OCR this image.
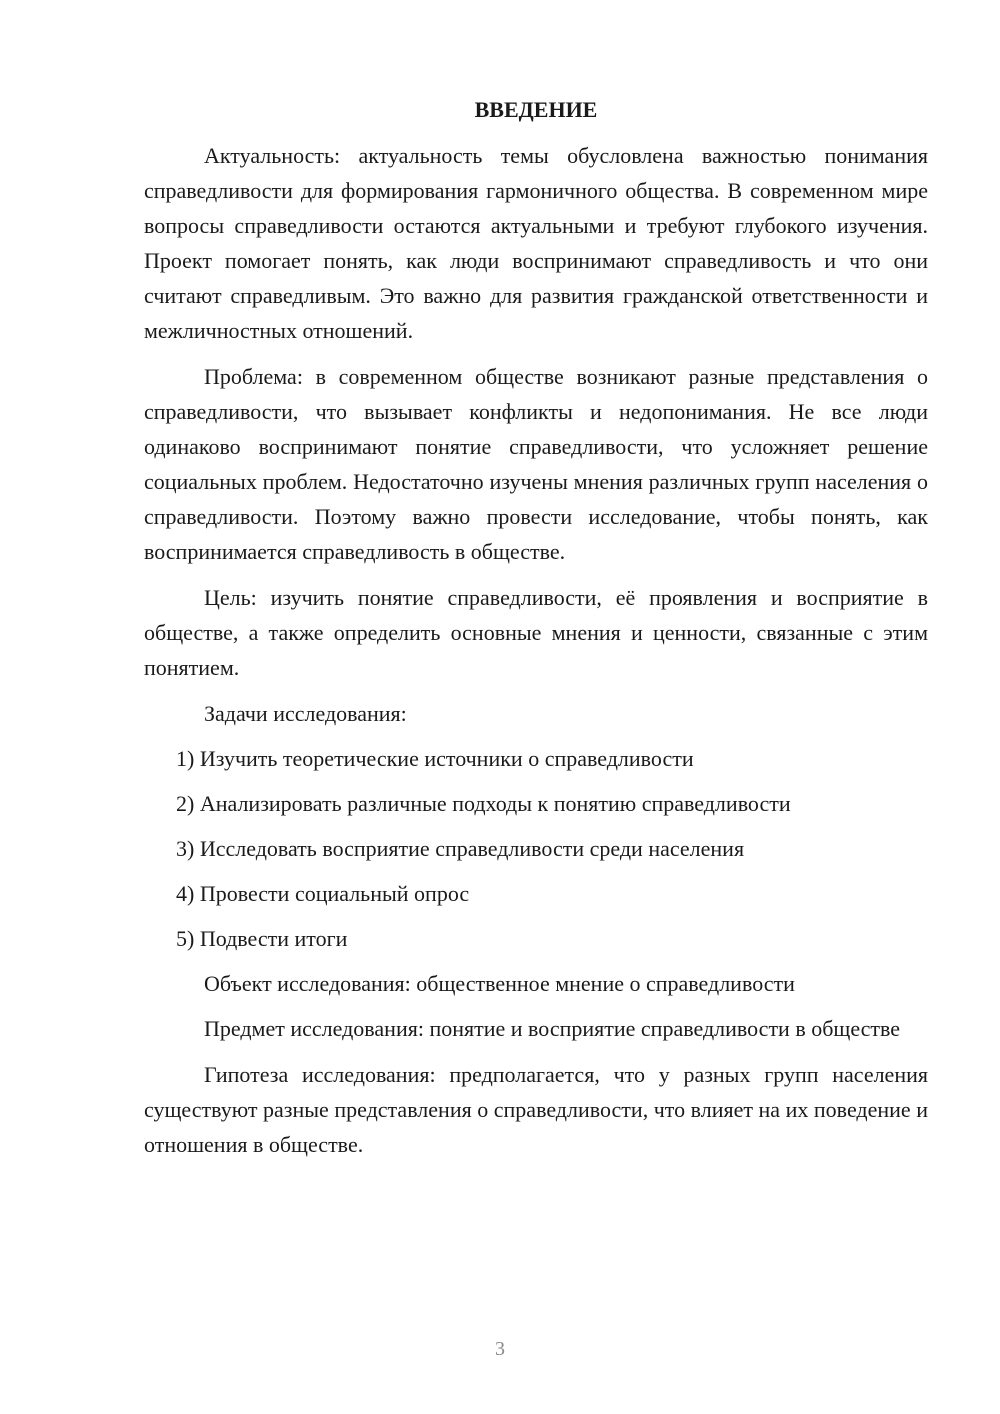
ВВЕДЕНИЕ

Актуальность: актуальность темы обусловлена важностью понимания справедливости для формирования гармоничного общества. В современном мире вопросы справедливости остаются актуальными и требуют глубокого изучения. Проект помогает понять, как люди воспринимают справедливость и что они считают справедливым. Это важно для развития гражданской ответственности и межличностных отношений.

Проблема: в современном обществе возникают разные представления о справедливости, что вызывает конфликты и недопонимания. Не все люди одинаково воспринимают понятие справедливости, что усложняет решение социальных проблем. Недостаточно изучены мнения различных групп населения о справедливости. Поэтому важно провести исследование, чтобы понять, как воспринимается справедливость в обществе.

Цель: изучить понятие справедливости, её проявления и восприятие в обществе, а также определить основные мнения и ценности, связанные с этим понятием.

Задачи исследования:

1) Изучить теоретические источники о справедливости

2) Анализировать различные подходы к понятию справедливости

3) Исследовать восприятие справедливости среди населения

4) Провести социальный опрос

5) Подвести итоги

Объект исследования: общественное мнение о справедливости

Предмет исследования: понятие и восприятие справедливости в обществе

Гипотеза исследования: предполагается, что у разных групп населения существуют разные представления о справедливости, что влияет на их поведение и отношения в обществе.

3
